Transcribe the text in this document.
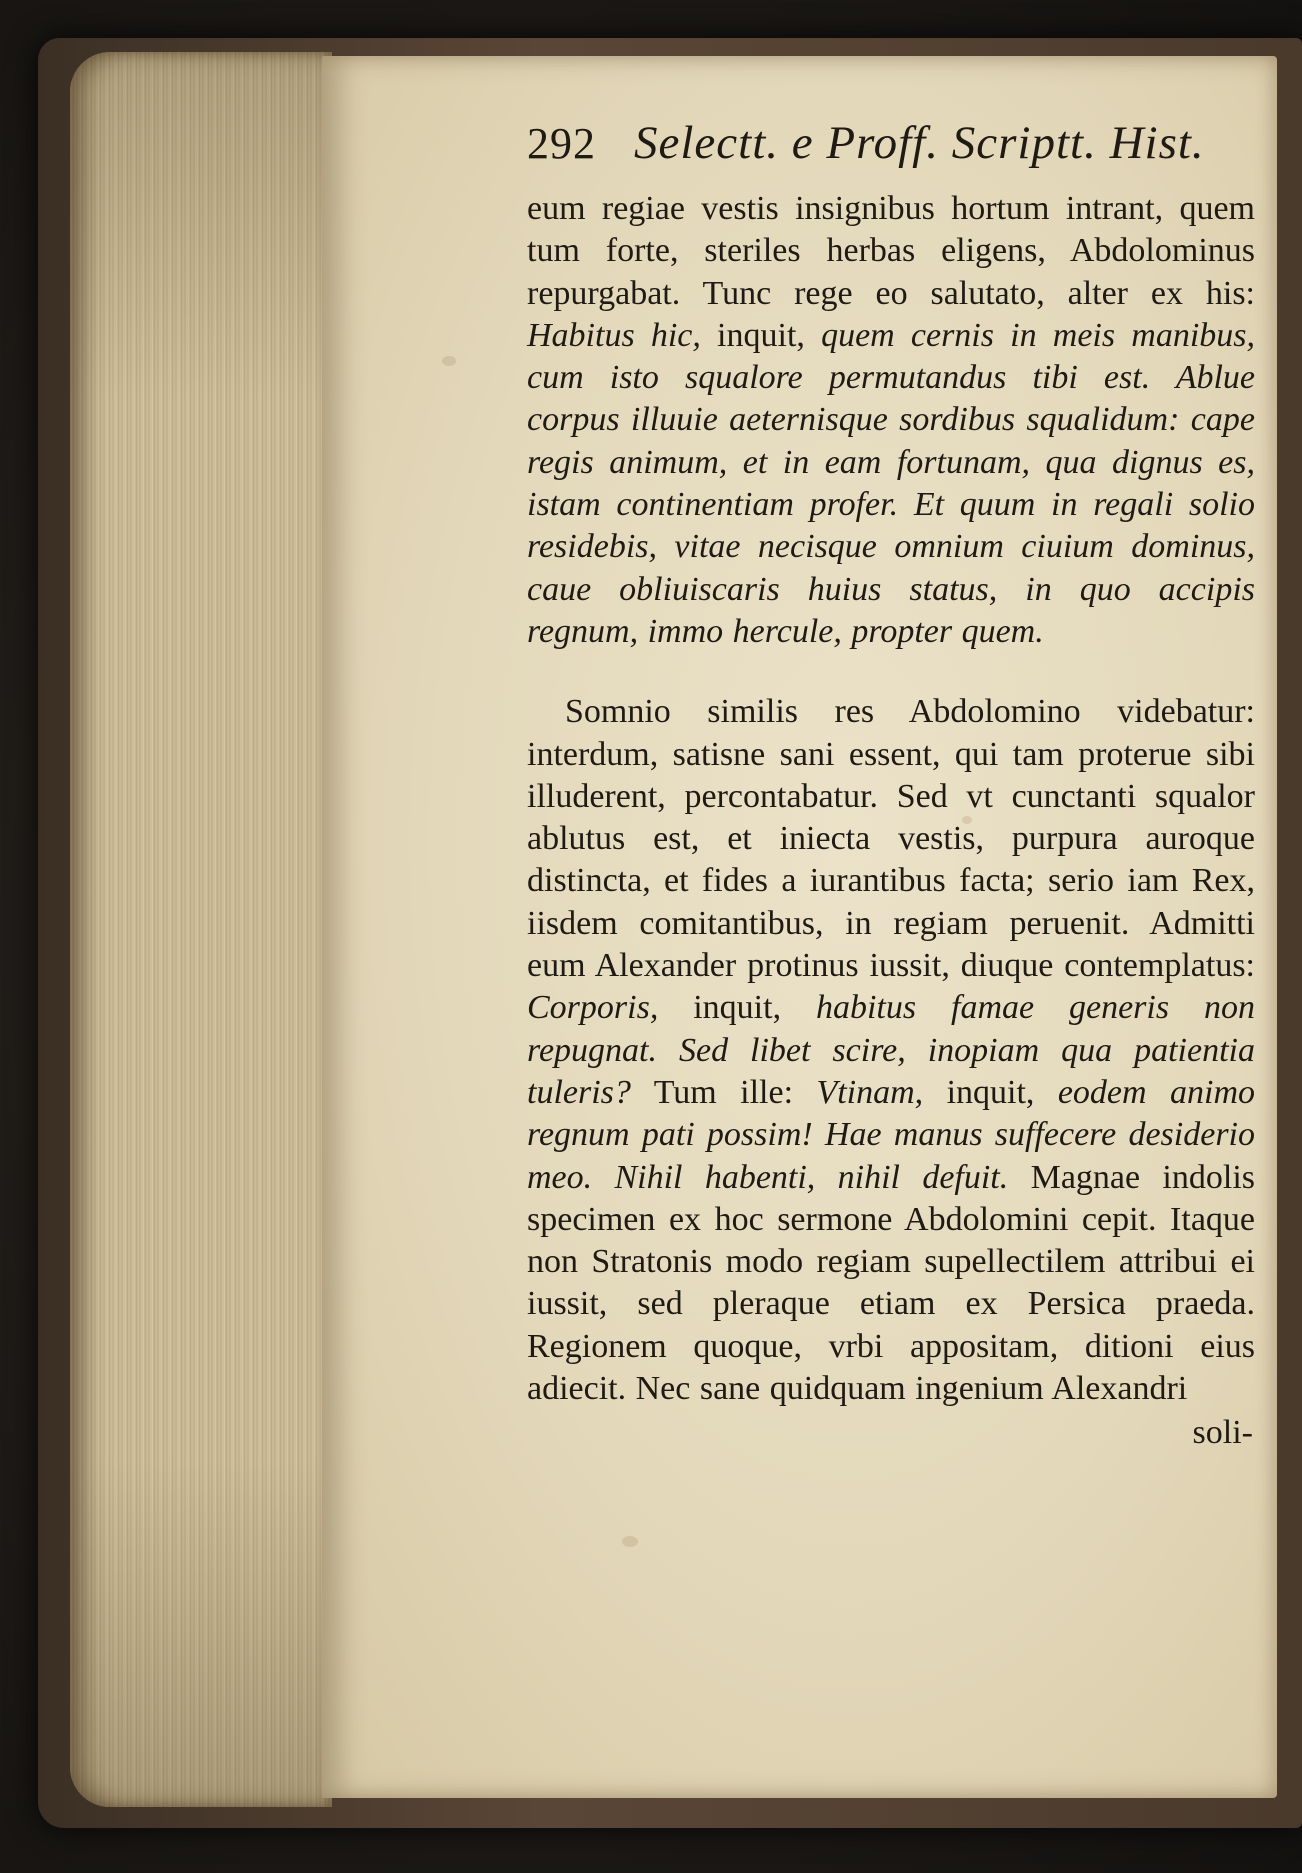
292 Selectt. e Proff. Scriptt. Hist.

eum regiae vestis insignibus hortum intrant, quem tum forte, steriles herbas eligens, Abdolominus repurgabat. Tunc rege eo salutato, alter ex his: Habitus hic, inquit, quem cernis in meis manibus, cum isto squalore permutandus tibi est. Ablue corpus illuuie aeternisque sordibus squalidum: cape regis animum, et in eam fortunam, qua dignus es, istam continentiam profer. Et quum in regali solio residebis, vitae necisque omnium ciuium dominus, caue obliuiscaris huius status, in quo accipis regnum, immo hercule, propter quem.

Somnio similis res Abdolomino videbatur: interdum, satisne sani essent, qui tam proterue sibi illuderent, percontabatur. Sed vt cunctanti squalor ablutus est, et iniecta vestis, purpura auroque distincta, et fides a iurantibus facta; serio iam Rex, iisdem comitantibus, in regiam peruenit. Admitti eum Alexander protinus iussit, diuque contemplatus: Corporis, inquit, habitus famae generis non repugnat. Sed libet scire, inopiam qua patientia tuleris? Tum ille: Vtinam, inquit, eodem animo regnum pati possim! Hae manus suffecere desiderio meo. Nihil habenti, nihil defuit. Magnae indolis specimen ex hoc sermone Abdolomini cepit. Itaque non Stratonis modo regiam supellectilem attribui ei iussit, sed pleraque etiam ex Persica praeda. Regionem quoque, vrbi appositam, ditioni eius adiecit. Nec sane quidquam ingenium Alexandri

soli-
